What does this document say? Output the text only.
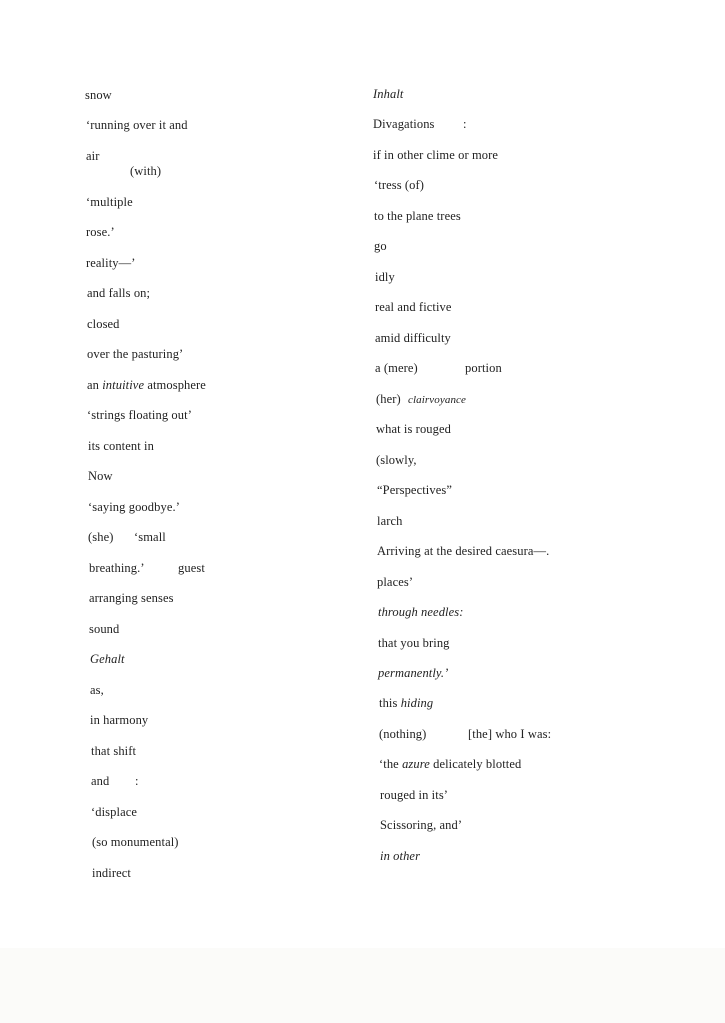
snow
‘running over it and
air
(with)
‘multiple
rose.’
reality—’
and falls on;
closed
over the pasturing’
an intuitive atmosphere
‘strings floating out’
its content in
Now
‘saying goodbye.’
(she) ‘small
breathing.’	guest
arranging senses
sound
Gehalt
as,
in harmony
that shift
and :
‘displace
(so monumental)
indirect
Inhalt
Divagations :
if in other clime or more
‘tress (of)
to the plane trees
go
idly
real and fictive
amid difficulty
a (mere)	portion
(her) clairvoyance
what is rouged
(slowly,
“Perspectives”
larch
Arriving at the desired caesura—.
places’
through needles:
that you bring
permanently.’
this hiding
(nothing)	[the] who I was:
‘the azure delicately blotted
rouged in its’
Scissoring, and’
in other
